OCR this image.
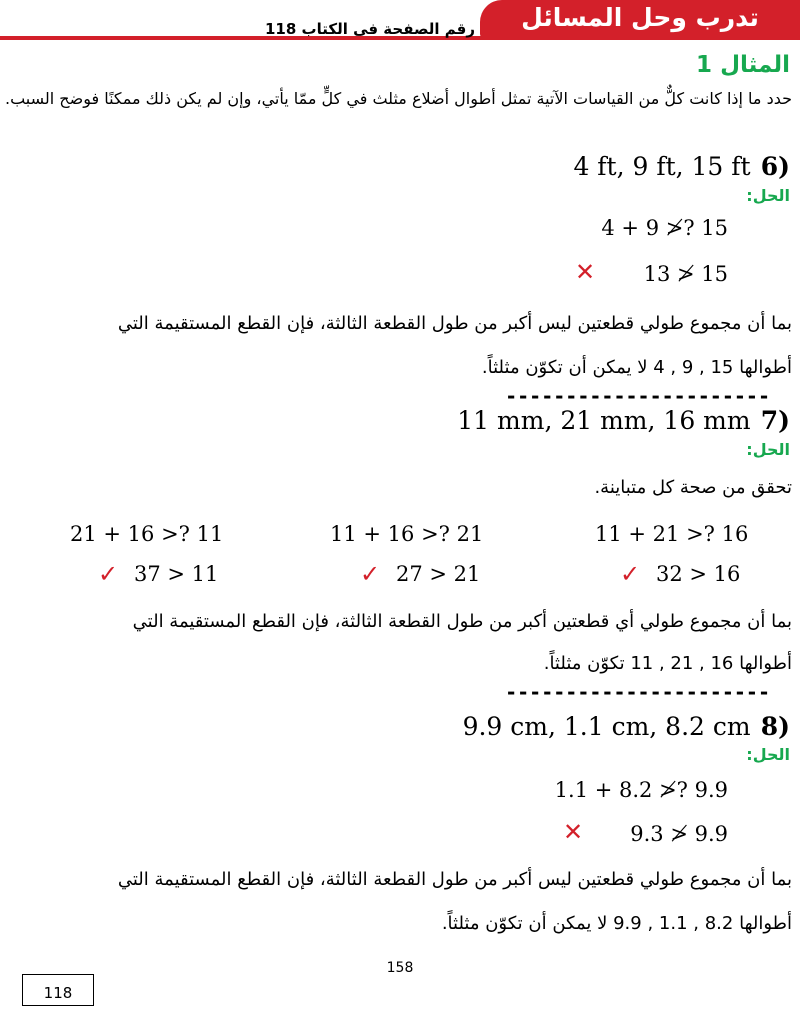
تدرب وحل المسائل
رقم الصفحة فى الكتاب 118
المثال 1
حدد ما إذا كانت كلٌّ من القياسات الآتية تمثل أطوال أضلاع مثلث في كلٍّ ممّا يأتي، وإن لم يكن ذلك ممكنًا فوضح السبب.
4 ft, 9 ft, 15 ft 6)
الحل:
4 + 9 ≯? 15
13 ≯ 15
✕
بما أن مجموع طولي قطعتين ليس أكبر من طول القطعة الثالثة، فإن القطع المستقيمة التي
أطوالها 15 , 9 , 4 لا يمكن أن تكوّن مثلثاً.
----------------------
11 mm, 21 mm, 16 mm 7)
الحل:
تحقق من صحة كل متباينة.
11 + 21 >? 16
11 + 16 >? 21
21 + 16 >? 11
✓ 32 > 16
✓ 27 > 21
✓ 37 > 11
بما أن مجموع طولي أي قطعتين أكبر من طول القطعة الثالثة، فإن القطع المستقيمة التي
أطوالها 16 , 21 , 11 تكوّن مثلثاً.
----------------------
9.9 cm, 1.1 cm, 8.2 cm 8)
الحل:
1.1 + 8.2 ≯? 9.9
9.3 ≯ 9.9
✕
بما أن مجموع طولي قطعتين ليس أكبر من طول القطعة الثالثة، فإن القطع المستقيمة التي
أطوالها 8.2 , 1.1 , 9.9 لا يمكن أن تكوّن مثلثاً.
158
118
